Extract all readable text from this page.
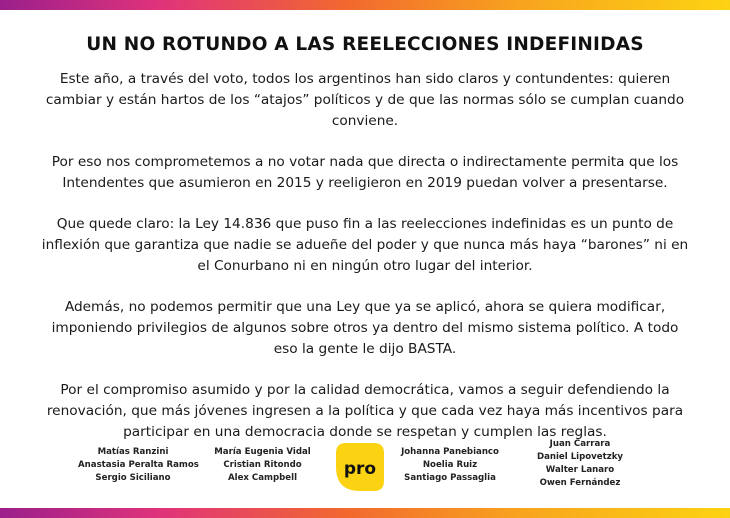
UN NO ROTUNDO A LAS REELECCIONES INDEFINIDAS

Este año, a través del voto, todos los argentinos han sido claros y contundentes: quieren cambiar y están hartos de los “atajos” políticos y de que las normas sólo se cumplan cuando conviene.

Por eso nos comprometemos a no votar nada que directa o indirectamente permita que los Intendentes que asumieron en 2015 y reeligieron en 2019 puedan volver a presentarse.

Que quede claro: la Ley 14.836 que puso fin a las reelecciones indefinidas es un punto de inflexión que garantiza que nadie se adueñe del poder y que nunca más haya “barones” ni en el Conurbano ni en ningún otro lugar del interior.

Además, no podemos permitir que una Ley que ya se aplicó, ahora se quiera modificar, imponiendo privilegios de algunos sobre otros ya dentro del mismo sistema político. A todo eso la gente le dijo BASTA.

Por el compromiso asumido y por la calidad democrática, vamos a seguir defendiendo la renovación, que más jóvenes ingresen a la política y que cada vez haya más incentivos para participar en una democracia donde se respetan y cumplen las reglas.

Matías Ranzini
Anastasia Peralta Ramos
Sergio Siciliano
María Eugenia Vidal
Cristian Ritondo
Alex Campbell
Johanna Panebianco
Noelia Ruiz
Santiago Passaglia
Juan Carrara
Daniel Lipovetzky
Walter Lanaro
Owen Fernández
pro
